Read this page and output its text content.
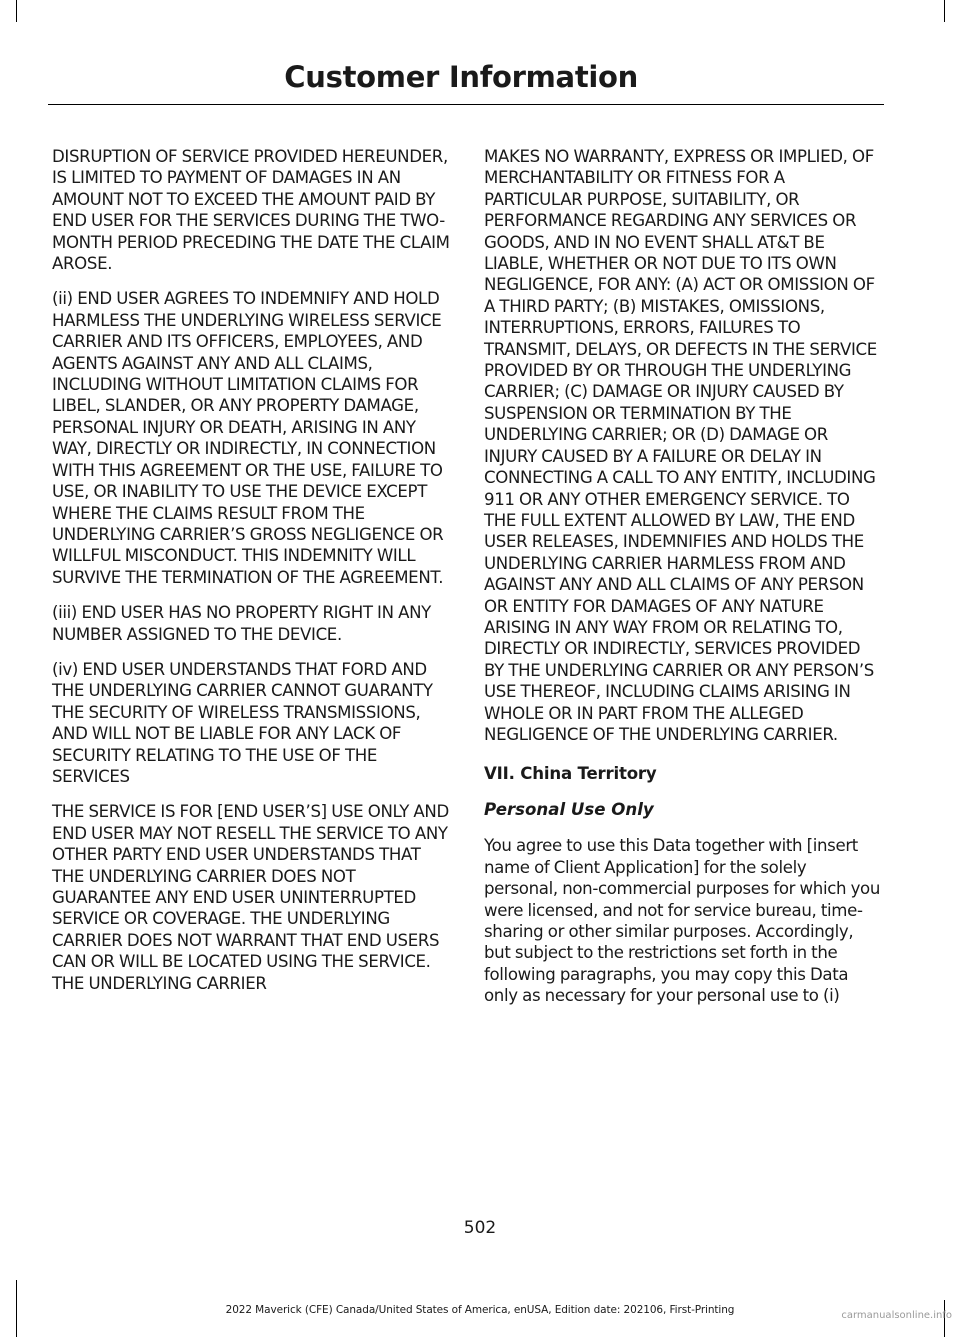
Customer Information

DISRUPTION OF SERVICE PROVIDED HEREUNDER, IS LIMITED TO PAYMENT OF DAMAGES IN AN AMOUNT NOT TO EXCEED THE AMOUNT PAID BY END USER FOR THE SERVICES DURING THE TWO-MONTH PERIOD PRECEDING THE DATE THE CLAIM AROSE.

(ii) END USER AGREES TO INDEMNIFY AND HOLD HARMLESS THE UNDERLYING WIRELESS SERVICE CARRIER AND ITS OFFICERS, EMPLOYEES, AND AGENTS AGAINST ANY AND ALL CLAIMS, INCLUDING WITHOUT LIMITATION CLAIMS FOR LIBEL, SLANDER, OR ANY PROPERTY DAMAGE, PERSONAL INJURY OR DEATH, ARISING IN ANY WAY, DIRECTLY OR INDIRECTLY, IN CONNECTION WITH THIS AGREEMENT OR THE USE, FAILURE TO USE, OR INABILITY TO USE THE DEVICE EXCEPT WHERE THE CLAIMS RESULT FROM THE UNDERLYING CARRIER’S GROSS NEGLIGENCE OR WILLFUL MISCONDUCT. THIS INDEMNITY WILL SURVIVE THE TERMINATION OF THE AGREEMENT.

(iii) END USER HAS NO PROPERTY RIGHT IN ANY NUMBER ASSIGNED TO THE DEVICE.

(iv) END USER UNDERSTANDS THAT FORD AND THE UNDERLYING CARRIER CANNOT GUARANTY THE SECURITY OF WIRELESS TRANSMISSIONS, AND WILL NOT BE LIABLE FOR ANY LACK OF SECURITY RELATING TO THE USE OF THE SERVICES

THE SERVICE IS FOR [END USER’S] USE ONLY AND END USER MAY NOT RESELL THE SERVICE TO ANY OTHER PARTY END USER UNDERSTANDS THAT THE UNDERLYING CARRIER DOES NOT GUARANTEE ANY END USER UNINTERRUPTED SERVICE OR COVERAGE. THE UNDERLYING CARRIER DOES NOT WARRANT THAT END USERS CAN OR WILL BE LOCATED USING THE SERVICE. THE UNDERLYING CARRIER

MAKES NO WARRANTY, EXPRESS OR IMPLIED, OF MERCHANTABILITY OR FITNESS FOR A PARTICULAR PURPOSE, SUITABILITY, OR PERFORMANCE REGARDING ANY SERVICES OR GOODS, AND IN NO EVENT SHALL AT&T BE LIABLE, WHETHER OR NOT DUE TO ITS OWN NEGLIGENCE, FOR ANY: (A) ACT OR OMISSION OF A THIRD PARTY; (B) MISTAKES, OMISSIONS, INTERRUPTIONS, ERRORS, FAILURES TO TRANSMIT, DELAYS, OR DEFECTS IN THE SERVICE PROVIDED BY OR THROUGH THE UNDERLYING CARRIER; (C) DAMAGE OR INJURY CAUSED BY SUSPENSION OR TERMINATION BY THE UNDERLYING CARRIER; OR (D) DAMAGE OR INJURY CAUSED BY A FAILURE OR DELAY IN CONNECTING A CALL TO ANY ENTITY, INCLUDING 911 OR ANY OTHER EMERGENCY SERVICE. TO THE FULL EXTENT ALLOWED BY LAW, THE END USER RELEASES, INDEMNIFIES AND HOLDS THE UNDERLYING CARRIER HARMLESS FROM AND AGAINST ANY AND ALL CLAIMS OF ANY PERSON OR ENTITY FOR DAMAGES OF ANY NATURE ARISING IN ANY WAY FROM OR RELATING TO, DIRECTLY OR INDIRECTLY, SERVICES PROVIDED BY THE UNDERLYING CARRIER OR ANY PERSON’S USE THEREOF, INCLUDING CLAIMS ARISING IN WHOLE OR IN PART FROM THE ALLEGED NEGLIGENCE OF THE UNDERLYING CARRIER.

VII. China Territory
Personal Use Only

You agree to use this Data together with [insert name of Client Application] for the solely personal, non-commercial purposes for which you were licensed, and not for service bureau, time-sharing or other similar purposes. Accordingly, but subject to the restrictions set forth in the following paragraphs, you may copy this Data only as necessary for your personal use to (i)

502
2022 Maverick (CFE) Canada/United States of America, enUSA, Edition date: 202106, First-Printing	carmanualsonline.info
